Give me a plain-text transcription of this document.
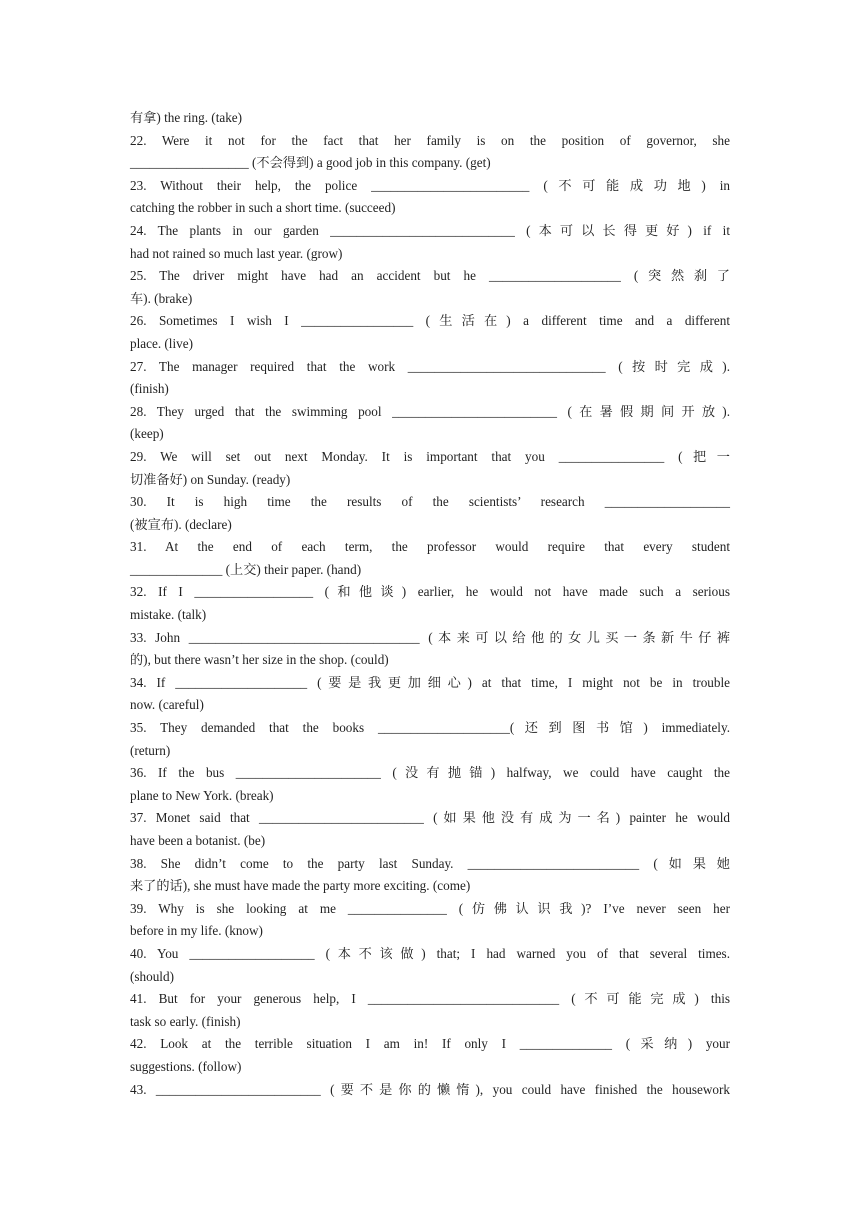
有拿) the ring. (take)
22. Were it not for the fact that her family is on the position of governor, she
__________________ (不会得到) a good job in this company. (get)
23. Without their help, the police ________________________ (不可能成功地) in
catching the robber in such a short time. (succeed)
24. The plants in our garden ____________________________ (本可以长得更好) if it
had not rained so much last year. (grow)
25. The driver might have had an accident but he ____________________ (突然刹了
车). (brake)
26. Sometimes I wish I _________________ (生活在) a different time and a different
place. (live)
27. The manager required that the work ______________________________ (按时完成).
(finish)
28. They urged that the swimming pool _________________________ (在暑假期间开放).
(keep)
29. We will set out next Monday. It is important that you ________________ (把一
切准备好) on Sunday. (ready)
30. It is high time the results of the scientists’ research ___________________
(被宣布). (declare)
31. At the end of each term, the professor would require that every student
______________ (上交) their paper. (hand)
32. If I __________________ (和他谈) earlier, he would not have made such a serious
mistake. (talk)
33. John ___________________________________ (本来可以给他的女儿买一条新牛仔裤
的), but there wasn’t her size in the shop. (could)
34. If ____________________ (要是我更加细心) at that time, I might not be in trouble
now. (careful)
35. They demanded that the books ____________________(还到图书馆) immediately.
(return)
36. If the bus ______________________ (没有抛锚) halfway, we could have caught the
plane to New York. (break)
37. Monet said that _________________________ (如果他没有成为一名) painter he would
have been a botanist. (be)
38. She didn’t come to the party last Sunday. __________________________ (如果她
来了的话), she must have made the party more exciting. (come)
39. Why is she looking at me _______________ (仿佛认识我)? I’ve never seen her
before in my life. (know)
40. You ___________________ (本不该做) that; I had warned you of that several times.
(should)
41. But for your generous help, I _____________________________ (不可能完成) this
task so early. (finish)
42. Look at the terrible situation I am in! If only I ______________ (采纳) your
suggestions. (follow)
43. _________________________ (要不是你的懒惰), you could have finished the housework
